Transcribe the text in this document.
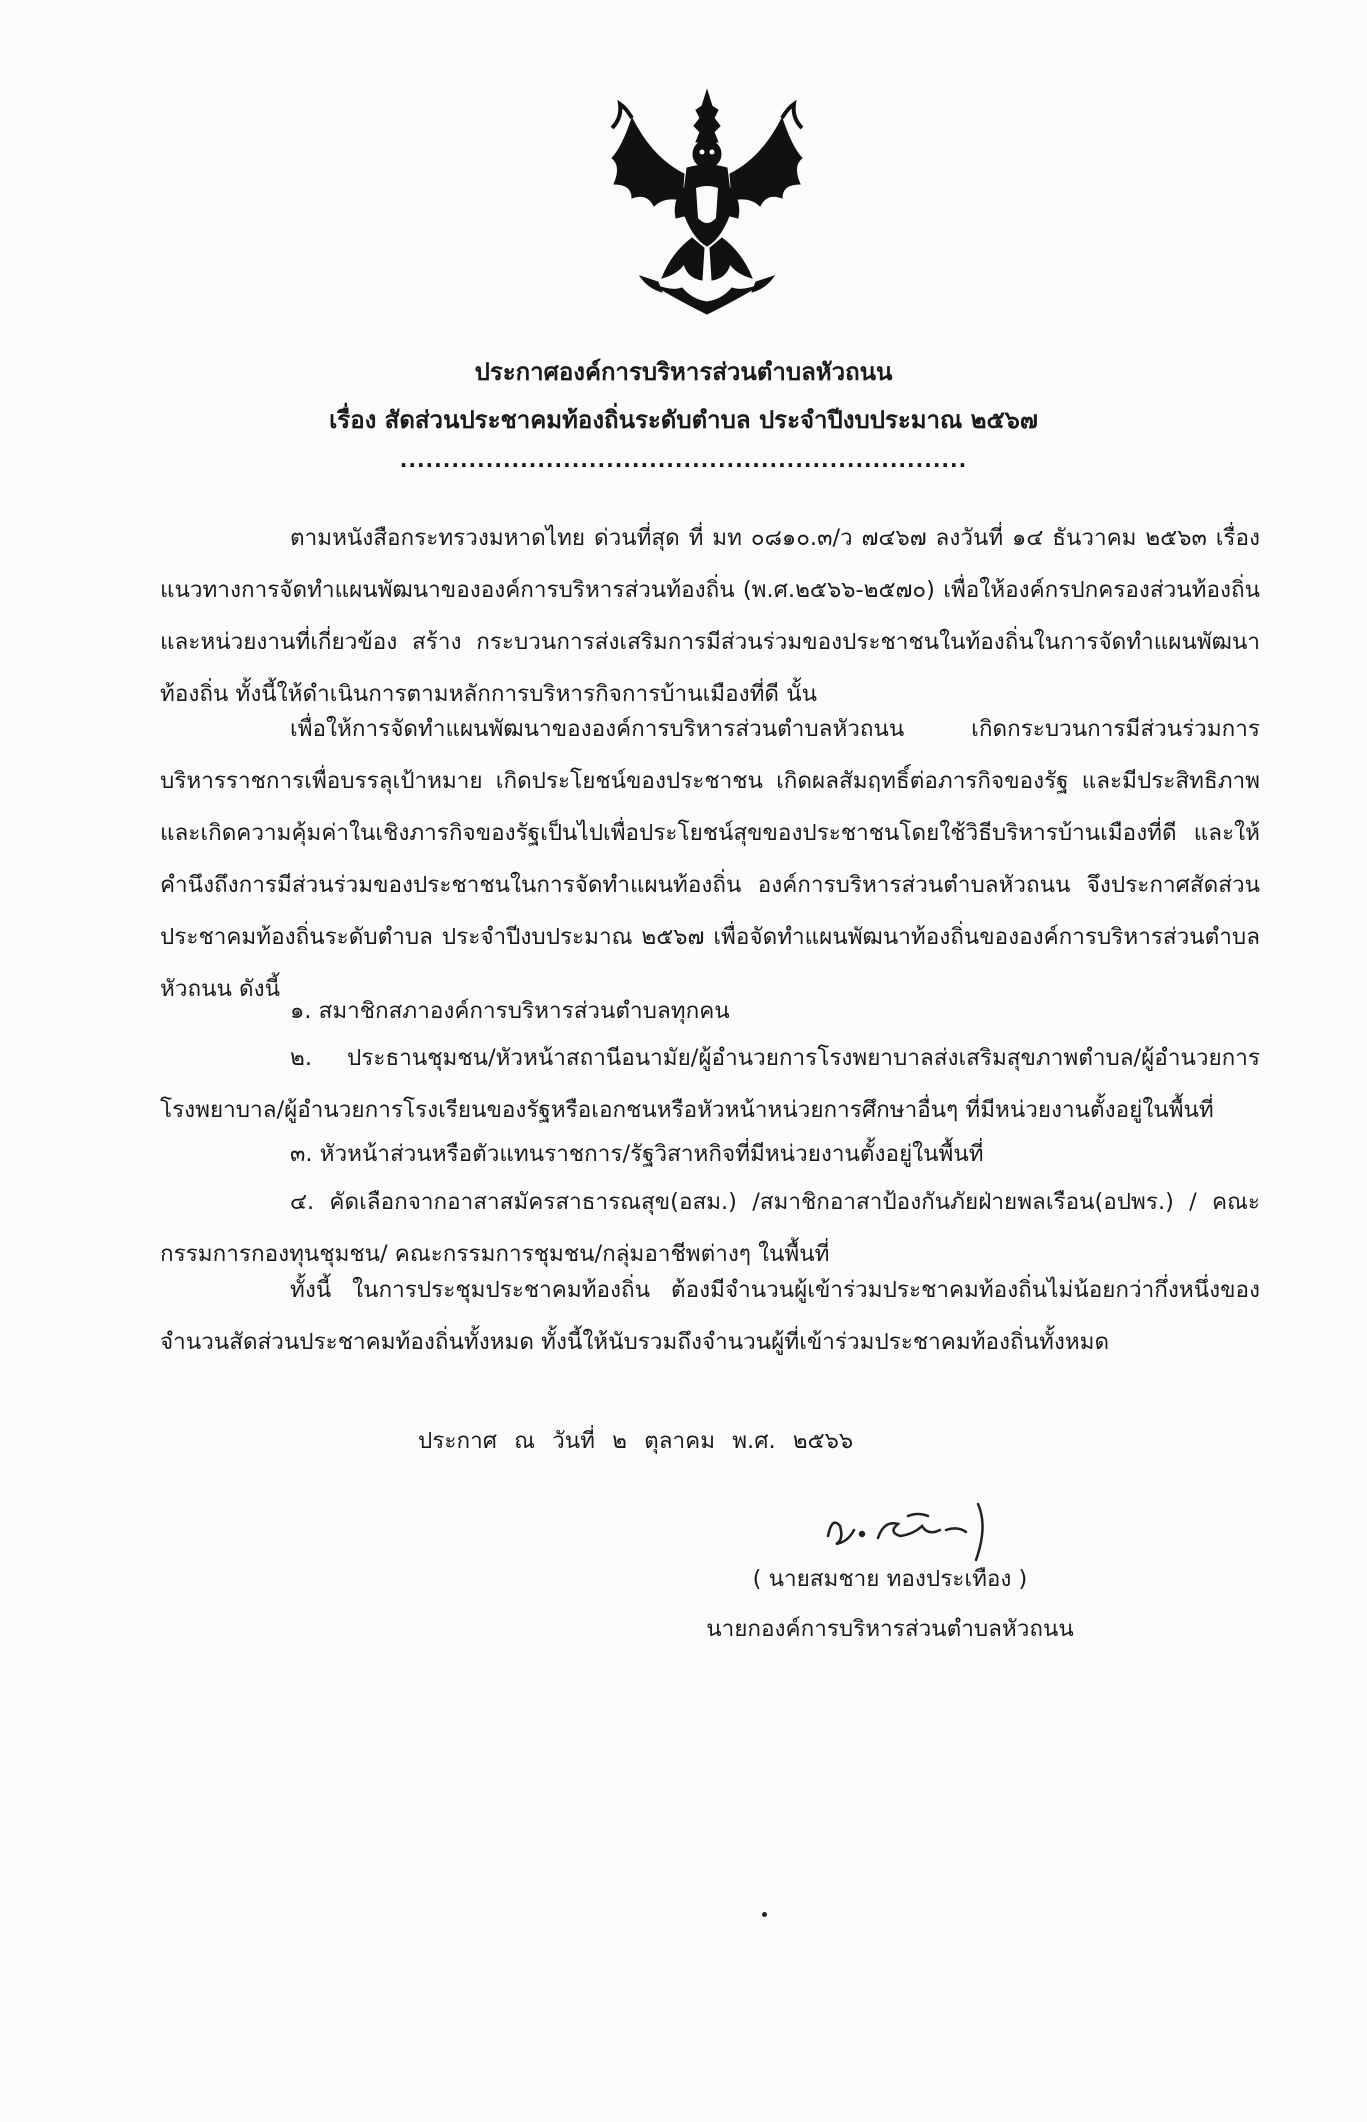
ประกาศองค์การบริหารส่วนตำบลหัวถนน
เรื่อง สัดส่วนประชาคมท้องถิ่นระดับตำบล ประจำปีงบประมาณ ๒๕๖๗
..................................................................

ตามหนังสือกระทรวงมหาดไทย ด่วนที่สุด ที่ มท ๐๘๑๐.๓/ว ๗๔๖๗ ลงวันที่ ๑๔ ธันวาคม ๒๕๖๓ เรื่อง แนวทางการจัดทำแผนพัฒนาขององค์การบริหารส่วนท้องถิ่น (พ.ศ.๒๕๖๖-๒๕๗๐) เพื่อให้องค์กรปกครองส่วนท้องถิ่นและหน่วยงานที่เกี่ยวข้อง สร้าง กระบวนการส่งเสริมการมีส่วนร่วมของประชาชนในท้องถิ่นในการจัดทำแผนพัฒนาท้องถิ่น ทั้งนี้ให้ดำเนินการตามหลักการบริหารกิจการบ้านเมืองที่ดี นั้น

เพื่อให้การจัดทำแผนพัฒนาขององค์การบริหารส่วนตำบลหัวถนน เกิดกระบวนการมีส่วนร่วมการบริหารราชการเพื่อบรรลุเป้าหมาย เกิดประโยชน์ของประชาชน เกิดผลสัมฤทธิ์ต่อภารกิจของรัฐ และมีประสิทธิภาพและเกิดความคุ้มค่าในเชิงภารกิจของรัฐเป็นไปเพื่อประโยชน์สุขของประชาชนโดยใช้วิธีบริหารบ้านเมืองที่ดี และให้คำนึงถึงการมีส่วนร่วมของประชาชนในการจัดทำแผนท้องถิ่น องค์การบริหารส่วนตำบลหัวถนน จึงประกาศสัดส่วนประชาคมท้องถิ่นระดับตำบล ประจำปีงบประมาณ ๒๕๖๗ เพื่อจัดทำแผนพัฒนาท้องถิ่นขององค์การบริหารส่วนตำบลหัวถนน ดังนี้

๑. สมาชิกสภาองค์การบริหารส่วนตำบลทุกคน

๒. ประธานชุมชน/หัวหน้าสถานีอนามัย/ผู้อำนวยการโรงพยาบาลส่งเสริมสุขภาพตำบล/ผู้อำนวยการโรงพยาบาล/ผู้อำนวยการโรงเรียนของรัฐหรือเอกชนหรือหัวหน้าหน่วยการศึกษาอื่นๆ ที่มีหน่วยงานตั้งอยู่ในพื้นที่

๓. หัวหน้าส่วนหรือตัวแทนราชการ/รัฐวิสาหกิจที่มีหน่วยงานตั้งอยู่ในพื้นที่

๔. คัดเลือกจากอาสาสมัครสาธารณสุข(อสม.) /สมาชิกอาสาป้องกันภัยฝ่ายพลเรือน(อปพร.) / คณะกรรมการกองทุนชุมชน/ คณะกรรมการชุมชน/กลุ่มอาชีพต่างๆ ในพื้นที่

ทั้งนี้ ในการประชุมประชาคมท้องถิ่น ต้องมีจำนวนผู้เข้าร่วมประชาคมท้องถิ่นไม่น้อยกว่ากึ่งหนึ่งของจำนวนสัดส่วนประชาคมท้องถิ่นทั้งหมด ทั้งนี้ให้นับรวมถึงจำนวนผู้ที่เข้าร่วมประชาคมท้องถิ่นทั้งหมด

ประกาศ ณ วันที่ ๒ ตุลาคม พ.ศ. ๒๕๖๖
( นายสมชาย ทองประเทือง )
นายกองค์การบริหารส่วนตำบลหัวถนน
